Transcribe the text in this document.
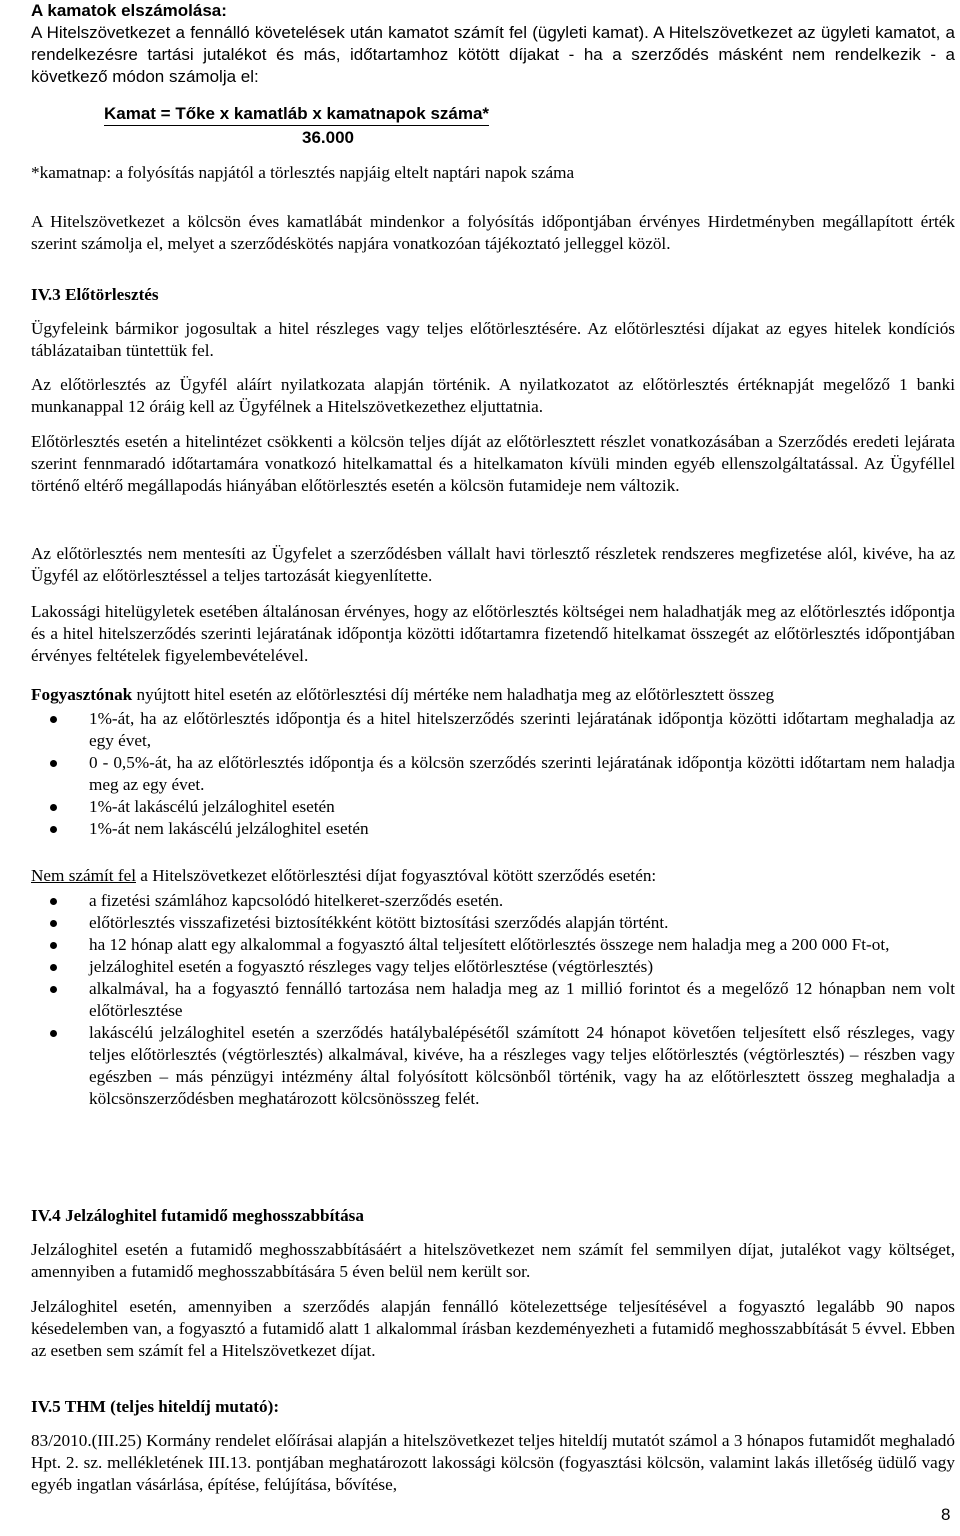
A kamatok elszámolása:
A Hitelszövetkezet a fennálló követelések után kamatot számít fel (ügyleti kamat). A Hitelszövetkezet az ügyleti kamatot, a rendelkezésre tartási jutalékot és más, időtartamhoz kötött díjakat - ha a szerződés másként nem rendelkezik - a következő módon számolja el:
Kamat = Tőke x kamatláb x kamatnapok száma*
36.000
*kamatnap: a folyósítás napjától a törlesztés napjáig eltelt naptári napok száma
A Hitelszövetkezet a kölcsön éves kamatlábát mindenkor a folyósítás időpontjában érvényes Hirdetményben megállapított érték szerint számolja el, melyet a szerződéskötés napjára vonatkozóan tájékoztató jelleggel közöl.
IV.3 Előtörlesztés
Ügyfeleink bármikor jogosultak a hitel részleges vagy teljes előtörlesztésére. Az előtörlesztési díjakat az egyes hitelek kondíciós táblázataiban tüntettük fel.
Az előtörlesztés az Ügyfél aláírt nyilatkozata alapján történik. A nyilatkozatot az előtörlesztés értéknapját megelőző 1 banki munkanappal 12 óráig kell az Ügyfélnek a Hitelszövetkezethez eljuttatnia.
Előtörlesztés esetén a hitelintézet csökkenti a kölcsön teljes díját az előtörlesztett részlet vonatkozásában a Szerződés eredeti lejárata szerint fennmaradó időtartamára vonatkozó hitelkamattal és a hitelkamaton kívüli minden egyéb ellenszolgáltatással. Az Ügyféllel történő eltérő megállapodás hiányában előtörlesztés esetén a kölcsön futamideje nem változik.
Az előtörlesztés nem mentesíti az Ügyfelet a szerződésben vállalt havi törlesztő részletek rendszeres megfizetése alól, kivéve, ha az Ügyfél az előtörlesztéssel a teljes tartozását kiegyenlítette.
Lakossági hitelügyletek esetében általánosan érvényes, hogy az előtörlesztés költségei nem haladhatják meg az előtörlesztés időpontja és a hitel hitelszerződés szerinti lejáratának időpontja közötti időtartamra fizetendő hitelkamat összegét az előtörlesztés időpontjában érvényes feltételek figyelembevételével.
Fogyasztónak nyújtott hitel esetén az előtörlesztési díj mértéke nem haladhatja meg az előtörlesztett összeg
1%-át, ha az előtörlesztés időpontja és a hitel hitelszerződés szerinti lejáratának időpontja közötti időtartam meghaladja az egy évet,
0 - 0,5%-át, ha az előtörlesztés időpontja és a kölcsön szerződés szerinti lejáratának időpontja közötti időtartam nem haladja meg az egy évet.
1%-át lakáscélú jelzáloghitel esetén
1%-át nem lakáscélú jelzáloghitel esetén
Nem számít fel a Hitelszövetkezet előtörlesztési díjat fogyasztóval kötött szerződés esetén:
a fizetési számlához kapcsolódó hitelkeret-szerződés esetén.
előtörlesztés visszafizetési biztosítékként kötött biztosítási szerződés alapján történt.
ha 12 hónap alatt egy alkalommal a fogyasztó által teljesített előtörlesztés összege nem haladja meg a 200 000 Ft-ot,
jelzáloghitel esetén a fogyasztó részleges vagy teljes előtörlesztése (végtörlesztés)
alkalmával, ha a fogyasztó fennálló tartozása nem haladja meg az 1 millió forintot és a megelőző 12 hónapban nem volt előtörlesztése
lakáscélú jelzáloghitel esetén a szerződés hatálybalépésétől számított 24 hónapot követően teljesített első részleges, vagy teljes előtörlesztés (végtörlesztés) alkalmával, kivéve, ha a részleges vagy teljes előtörlesztés (végtörlesztés) – részben vagy egészben – más pénzügyi intézmény által folyósított kölcsönből történik, vagy ha az előtörlesztett összeg meghaladja a kölcsönszerződésben meghatározott kölcsönösszeg felét.
IV.4 Jelzáloghitel futamidő meghosszabbítása
Jelzáloghitel esetén a futamidő meghosszabbításáért a hitelszövetkezet nem számít fel semmilyen díjat, jutalékot vagy költséget, amennyiben a futamidő meghosszabbítására 5 éven belül nem került sor.
Jelzáloghitel esetén, amennyiben a szerződés alapján fennálló kötelezettsége teljesítésével a fogyasztó legalább 90 napos késedelemben van, a fogyasztó a futamidő alatt 1 alkalommal írásban kezdeményezheti a futamidő meghosszabbítását 5 évvel. Ebben az esetben sem számít fel a Hitelszövetkezet díjat.
IV.5 THM (teljes hiteldíj mutató):
83/2010.(III.25) Kormány rendelet előírásai alapján a hitelszövetkezet teljes hiteldíj mutatót számol a 3 hónapos futamidőt meghaladó Hpt. 2. sz. mellékletének III.13. pontjában meghatározott lakossági kölcsön (fogyasztási kölcsön, valamint lakás illetőség üdülő vagy egyéb ingatlan vásárlása, építése, felújítása, bővítése,
8
